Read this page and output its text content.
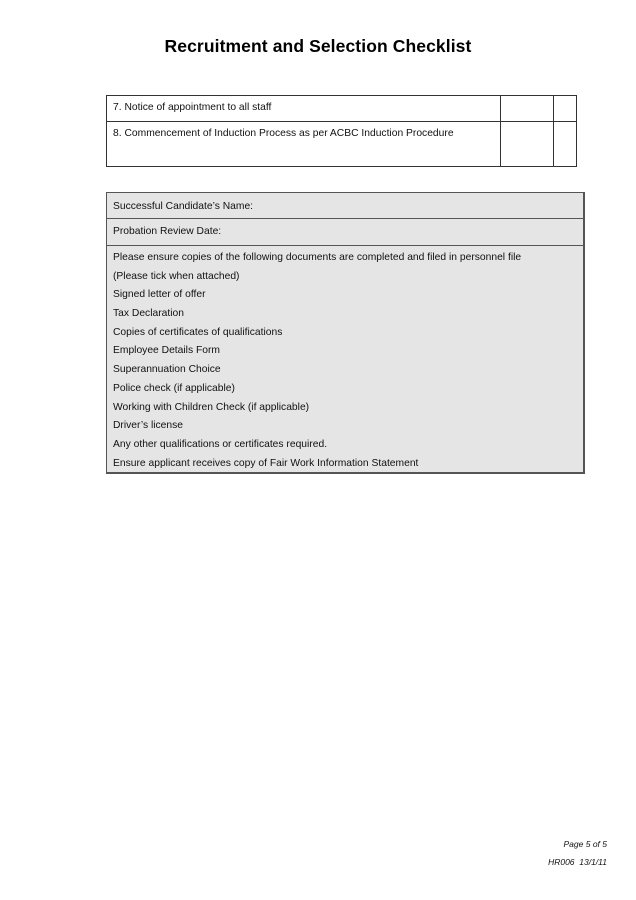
Recruitment and Selection Checklist
7. Notice of appointment to all staff		
8. Commencement of Induction Process as per ACBC Induction Procedure		
Successful Candidate’s Name:
Probation Review Date:
Please ensure copies of the following documents are completed and filed in personnel file
(Please tick when attached)
Signed letter of offer
Tax Declaration
Copies of certificates of qualifications
Employee Details Form
Superannuation Choice
Police check (if applicable)
Working with Children Check (if applicable)
Driver’s license
Any other qualifications or certificates required.
Ensure applicant receives copy of Fair Work Information Statement
Page 5 of 5
HR006  13/1/11
